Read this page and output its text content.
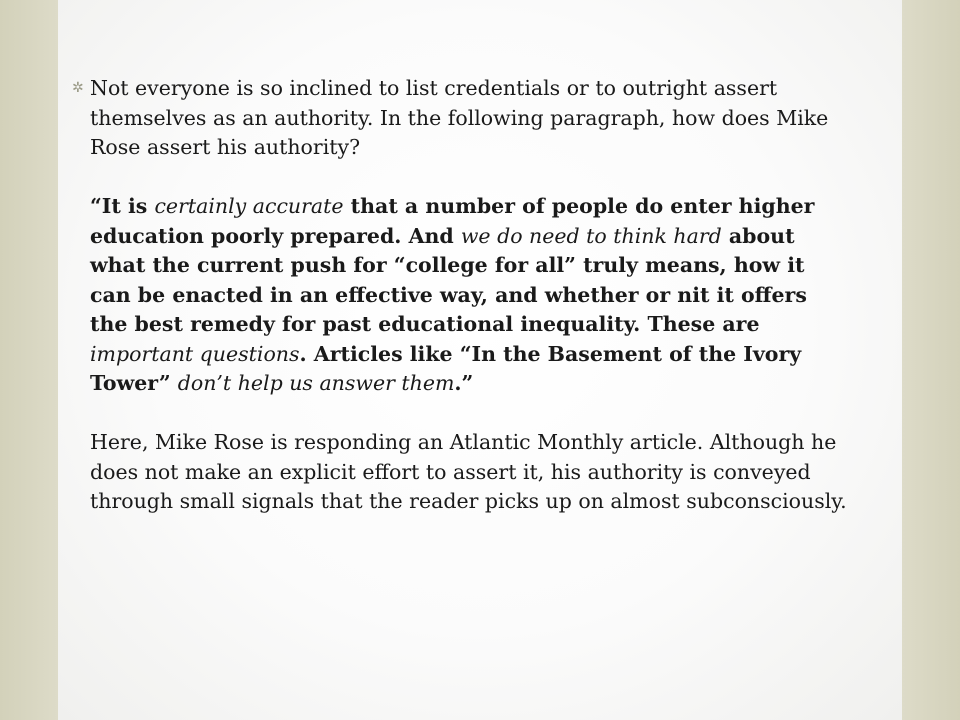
✲ Not everyone is so inclined to list credentials or to outright assert themselves as an authority. In the following paragraph, how does Mike Rose assert his authority?

“It is certainly accurate that a number of people do enter higher education poorly prepared. And we do need to think hard about what the current push for “college for all” truly means, how it can be enacted in an effective way, and whether or nit it offers the best remedy for past educational inequality. These are important questions. Articles like “In the Basement of the Ivory Tower” don’t help us answer them.”

Here, Mike Rose is responding an Atlantic Monthly article. Although he does not make an explicit effort to assert it, his authority is conveyed through small signals that the reader picks up on almost subconsciously.
